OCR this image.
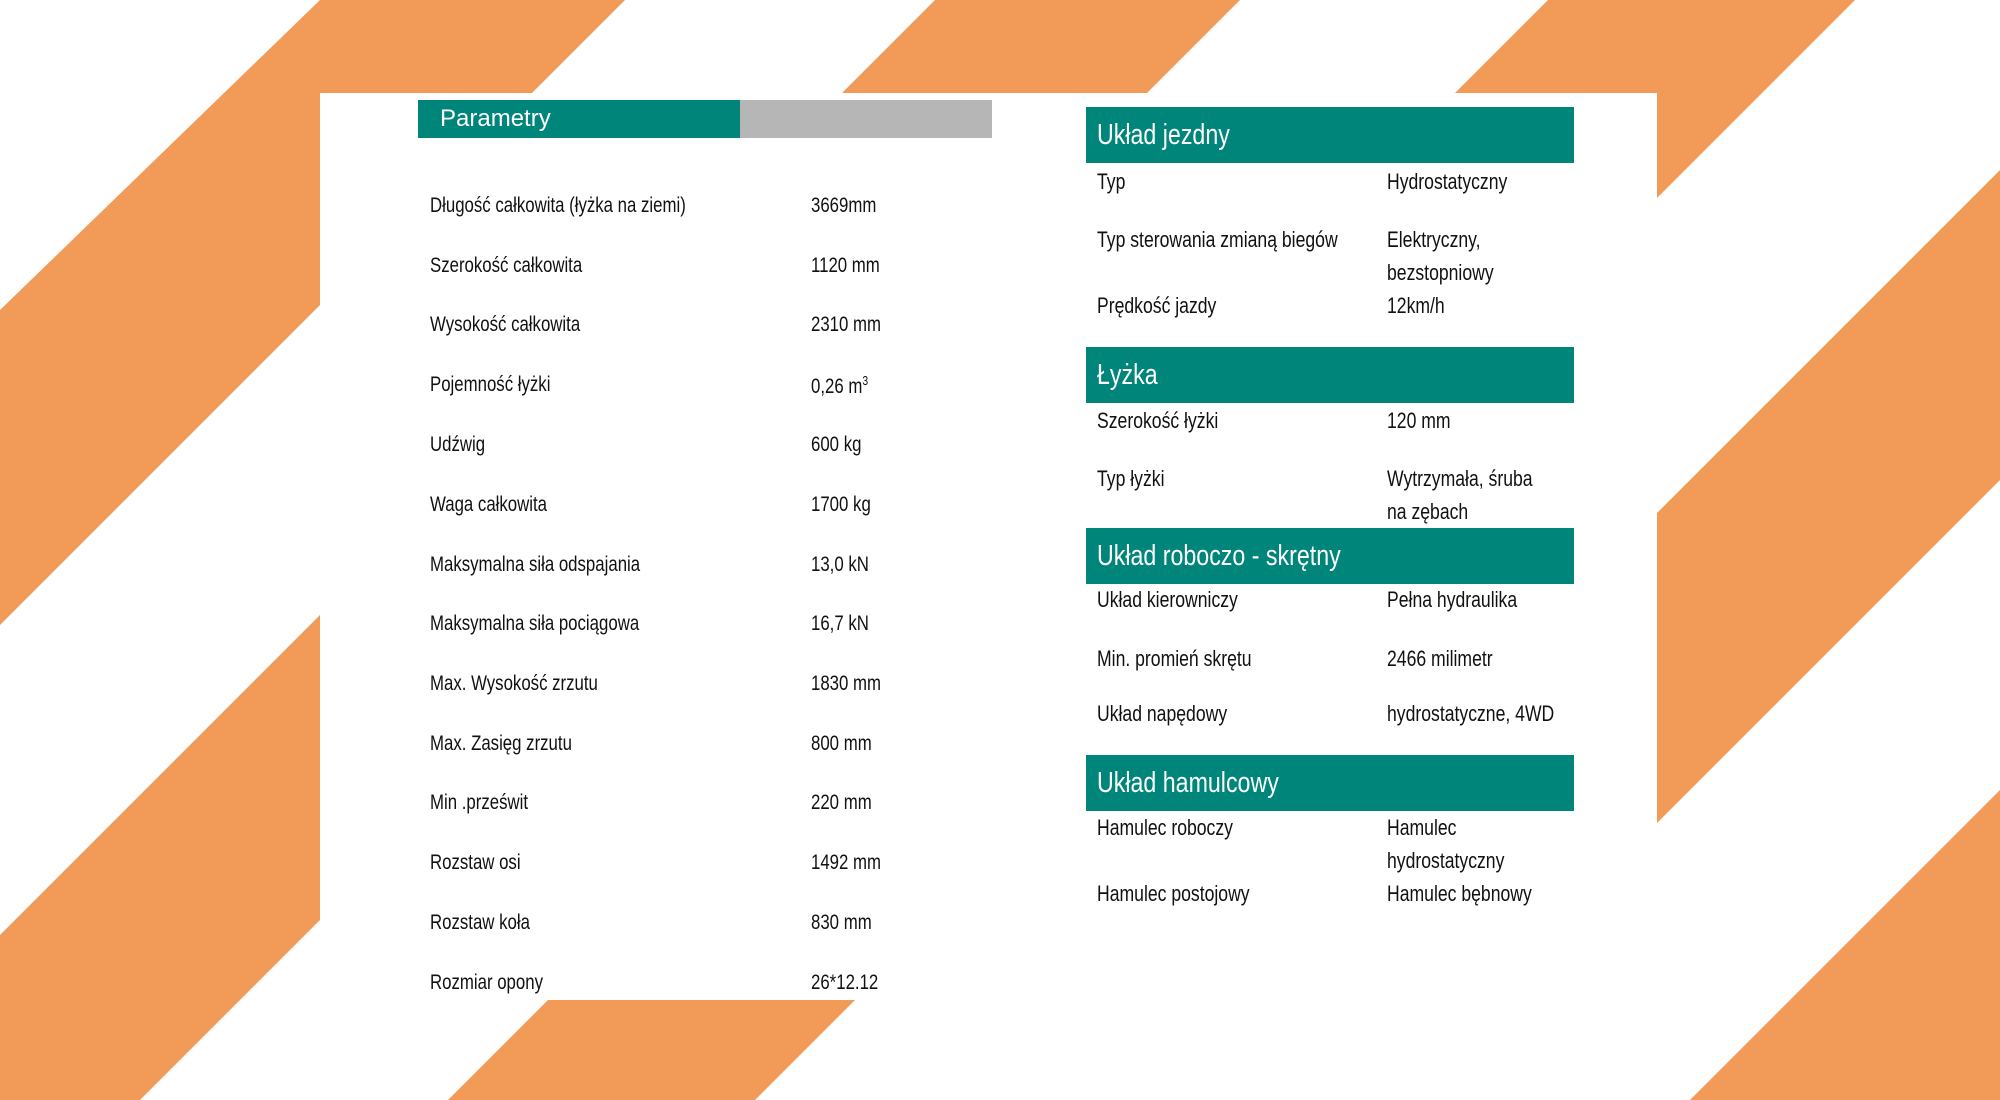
Parametry
Długość całkowita (łyżka na ziemi)	3669mm
Szerokość całkowita	1120 mm
Wysokość całkowita	2310 mm
Pojemność łyżki	0,26 $m^3$
Udźwig	600 kg
Waga całkowita	1700 kg
Maksymalna siła odspajania	13,0 kN
Maksymalna siła pociągowa	16,7 kN
Max. Wysokość zrzutu	1830 mm
Max. Zasięg zrzutu	800 mm
Min .prześwit	220 mm
Rozstaw osi	1492 mm
Rozstaw koła	830 mm
Rozmiar opony	26*12.12
Układ jezdny
Typ	Hydrostatyczny
Typ sterowania zmianą biegów	Elektryczny, bezstopniowy
Prędkość jazdy	12km/h
Łyżka
Szerokość łyżki	120 mm
Typ łyżki	Wytrzymała, śruba na zębach
Układ roboczo - skrętny
Układ kierowniczy	Pełna hydraulika
Min. promień skrętu	2466 milimetr
Układ napędowy	hydrostatyczne, 4WD
Układ hamulcowy
Hamulec roboczy	Hamulec hydrostatyczny
Hamulec postojowy	Hamulec bębnowy
